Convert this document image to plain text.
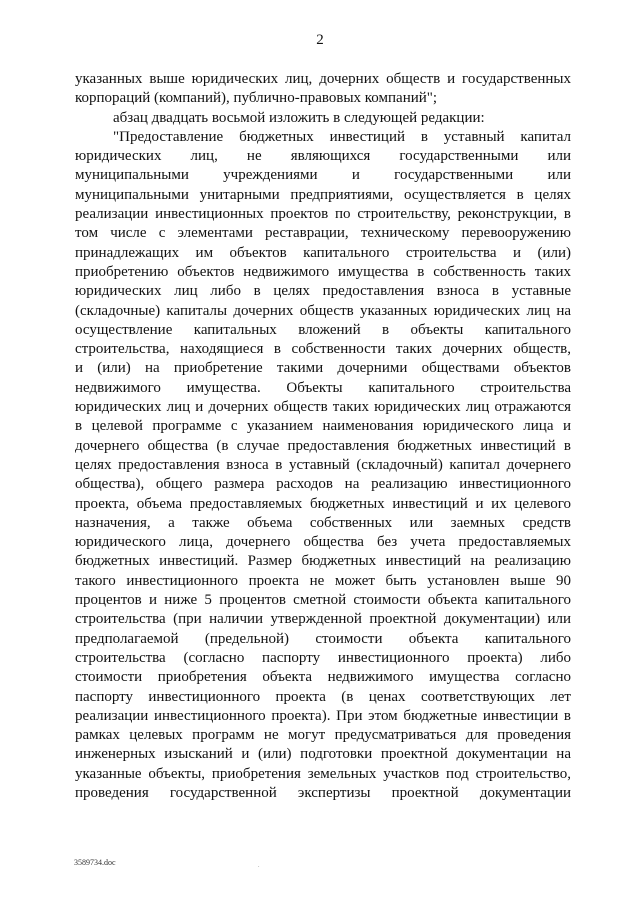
2
указанных выше юридических лиц, дочерних обществ и государственных
корпораций (компаний), публично-правовых компаний";
абзац двадцать восьмой изложить в следующей редакции:
"Предоставление бюджетных инвестиций в уставный капитал
юридических лиц, не являющихся государственными или
муниципальными учреждениями и государственными или
муниципальными унитарными предприятиями, осуществляется в целях
реализации инвестиционных проектов по строительству, реконструкции, в
том числе с элементами реставрации, техническому перевооружению
принадлежащих им объектов капитального строительства и (или)
приобретению объектов недвижимого имущества в собственность таких
юридических лиц либо в целях предоставления взноса в уставные
(складочные) капиталы дочерних обществ указанных юридических лиц на
осуществление капитальных вложений в объекты капитального
строительства, находящиеся в собственности таких дочерних обществ,
и (или) на приобретение такими дочерними обществами объектов
недвижимого имущества. Объекты капитального строительства
юридических лиц и дочерних обществ таких юридических лиц отражаются
в целевой программе с указанием наименования юридического лица и
дочернего общества (в случае предоставления бюджетных инвестиций в
целях предоставления взноса в уставный (складочный) капитал дочернего
общества), общего размера расходов на реализацию инвестиционного
проекта, объема предоставляемых бюджетных инвестиций и их целевого
назначения, а также объема собственных или заемных средств
юридического лица, дочернего общества без учета предоставляемых
бюджетных инвестиций. Размер бюджетных инвестиций на реализацию
такого инвестиционного проекта не может быть установлен выше 90
процентов и ниже 5 процентов сметной стоимости объекта капитального
строительства (при наличии утвержденной проектной документации) или
предполагаемой (предельной) стоимости объекта капитального
строительства (согласно паспорту инвестиционного проекта) либо
стоимости приобретения объекта недвижимого имущества согласно
паспорту инвестиционного проекта (в ценах соответствующих лет
реализации инвестиционного проекта). При этом бюджетные инвестиции в
рамках целевых программ не могут предусматриваться для проведения
инженерных изысканий и (или) подготовки проектной документации на
указанные объекты, приобретения земельных участков под строительство,
проведения государственной экспертизы проектной документации
3589734.doc	.
